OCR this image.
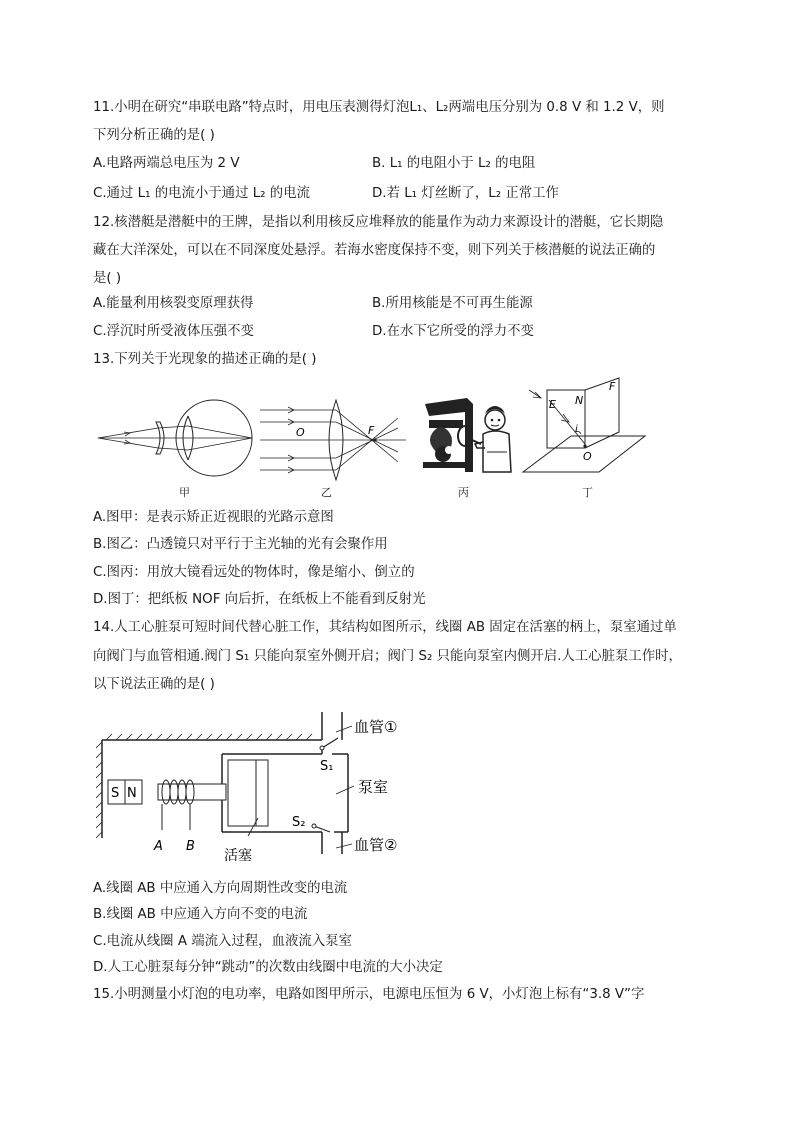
11.小明在研究“串联电路”特点时，用电压表测得灯泡L₁、L₂两端电压分别为 0.8 V 和 1.2 V，则
下列分析正确的是( )
A.电路两端总电压为 2 V	B. L₁ 的电阻小于 L₂ 的电阻
C.通过 L₁ 的电流小于通过 L₂ 的电流	D.若 L₁ 灯丝断了，L₂ 正常工作
12.核潜艇是潜艇中的王牌，是指以利用核反应堆释放的能量作为动力来源设计的潜艇，它长期隐
藏在大洋深处，可以在不同深度处悬浮。若海水密度保持不变，则下列关于核潜艇的说法正确的
是( )
A.能量利用核裂变原理获得	B.所用核能是不可再生能源
C.浮沉时所受液体压强不变	D.在水下它所受的浮力不变
13.下列关于光现象的描述正确的是( )
甲
O	F
乙	丙
E N
i
O
F
丁
A.图甲：是表示矫正近视眼的光路示意图
B.图乙：凸透镜只对平行于主光轴的光有会聚作用
C.图丙：用放大镜看远处的物体时，像是缩小、倒立的
D.图丁：把纸板 NOF 向后折，在纸板上不能看到反射光
14.人工心脏泵可短时间代替心脏工作，其结构如图所示，线圈 AB 固定在活塞的柄上，泵室通过单
向阀门与血管相通.阀门 S₁ 只能向泵室外侧开启；阀门 S₂ 只能向泵室内侧开启.人工心脏泵工作时，
以下说法正确的是( )
S N
A B
活塞
S₁
S₂
血管①
泵室
血管②
A.线圈 AB 中应通入方向周期性改变的电流
B.线圈 AB 中应通入方向不变的电流
C.电流从线圈 A 端流入过程，血液流入泵室
D.人工心脏泵每分钟“跳动”的次数由线圈中电流的大小决定
15.小明测量小灯泡的电功率，电路如图甲所示，电源电压恒为 6 V，小灯泡上标有“3.8 V”字
